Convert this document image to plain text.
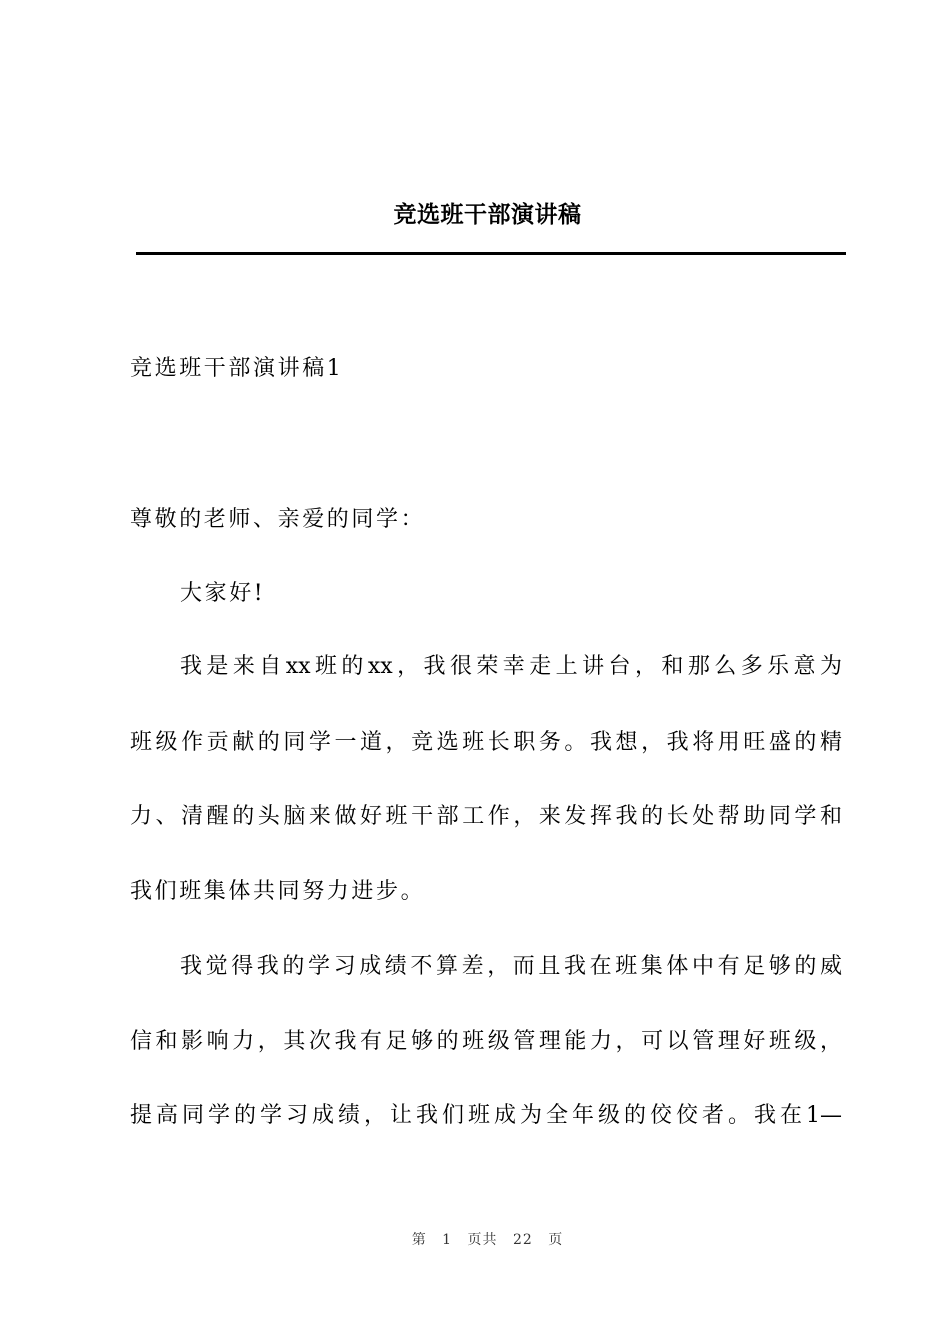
竞选班干部演讲稿
竞选班干部演讲稿1
尊敬的老师、亲爱的同学：
大家好!
我是来自xx班的xx，我很荣幸走上讲台，和那么多乐意为
班级作贡献的同学一道，竞选班长职务。我想，我将用旺盛的精
力、清醒的头脑来做好班干部工作，来发挥我的长处帮助同学和
我们班集体共同努力进步。
我觉得我的学习成绩不算差，而且我在班集体中有足够的威
信和影响力，其次我有足够的班级管理能力，可以管理好班级，
提高同学的学习成绩，让我们班成为全年级的佼佼者。我在1—
第 1 页共 22 页
